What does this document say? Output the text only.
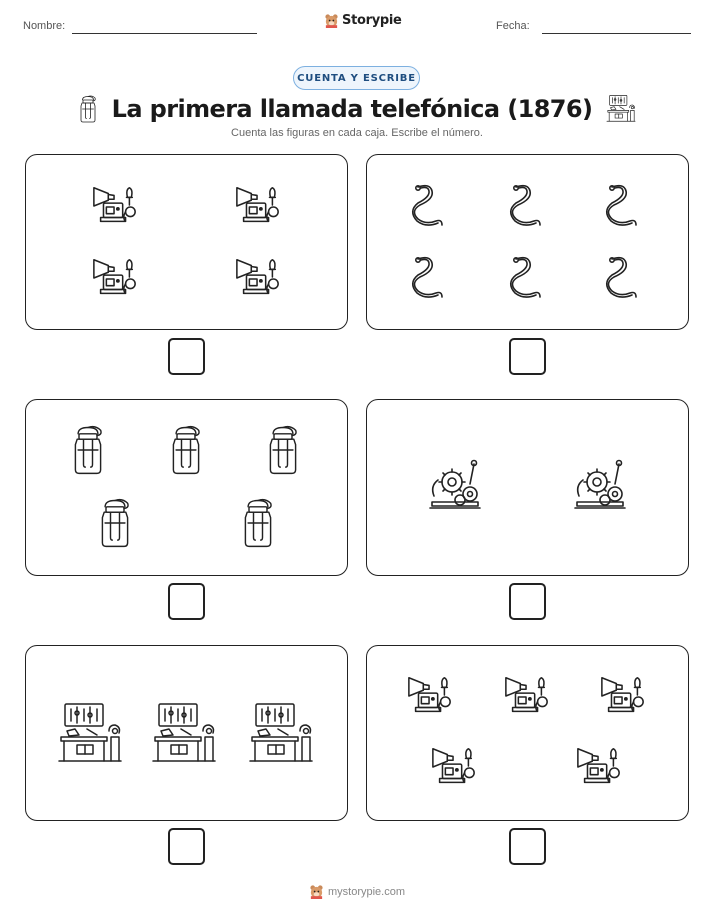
Nombre:	Storypie	Fecha:
CUENTA Y ESCRIBE
La primera llamada telefónica (1876)
Cuenta las figuras en cada caja. Escribe el número.
mystorypie.com
